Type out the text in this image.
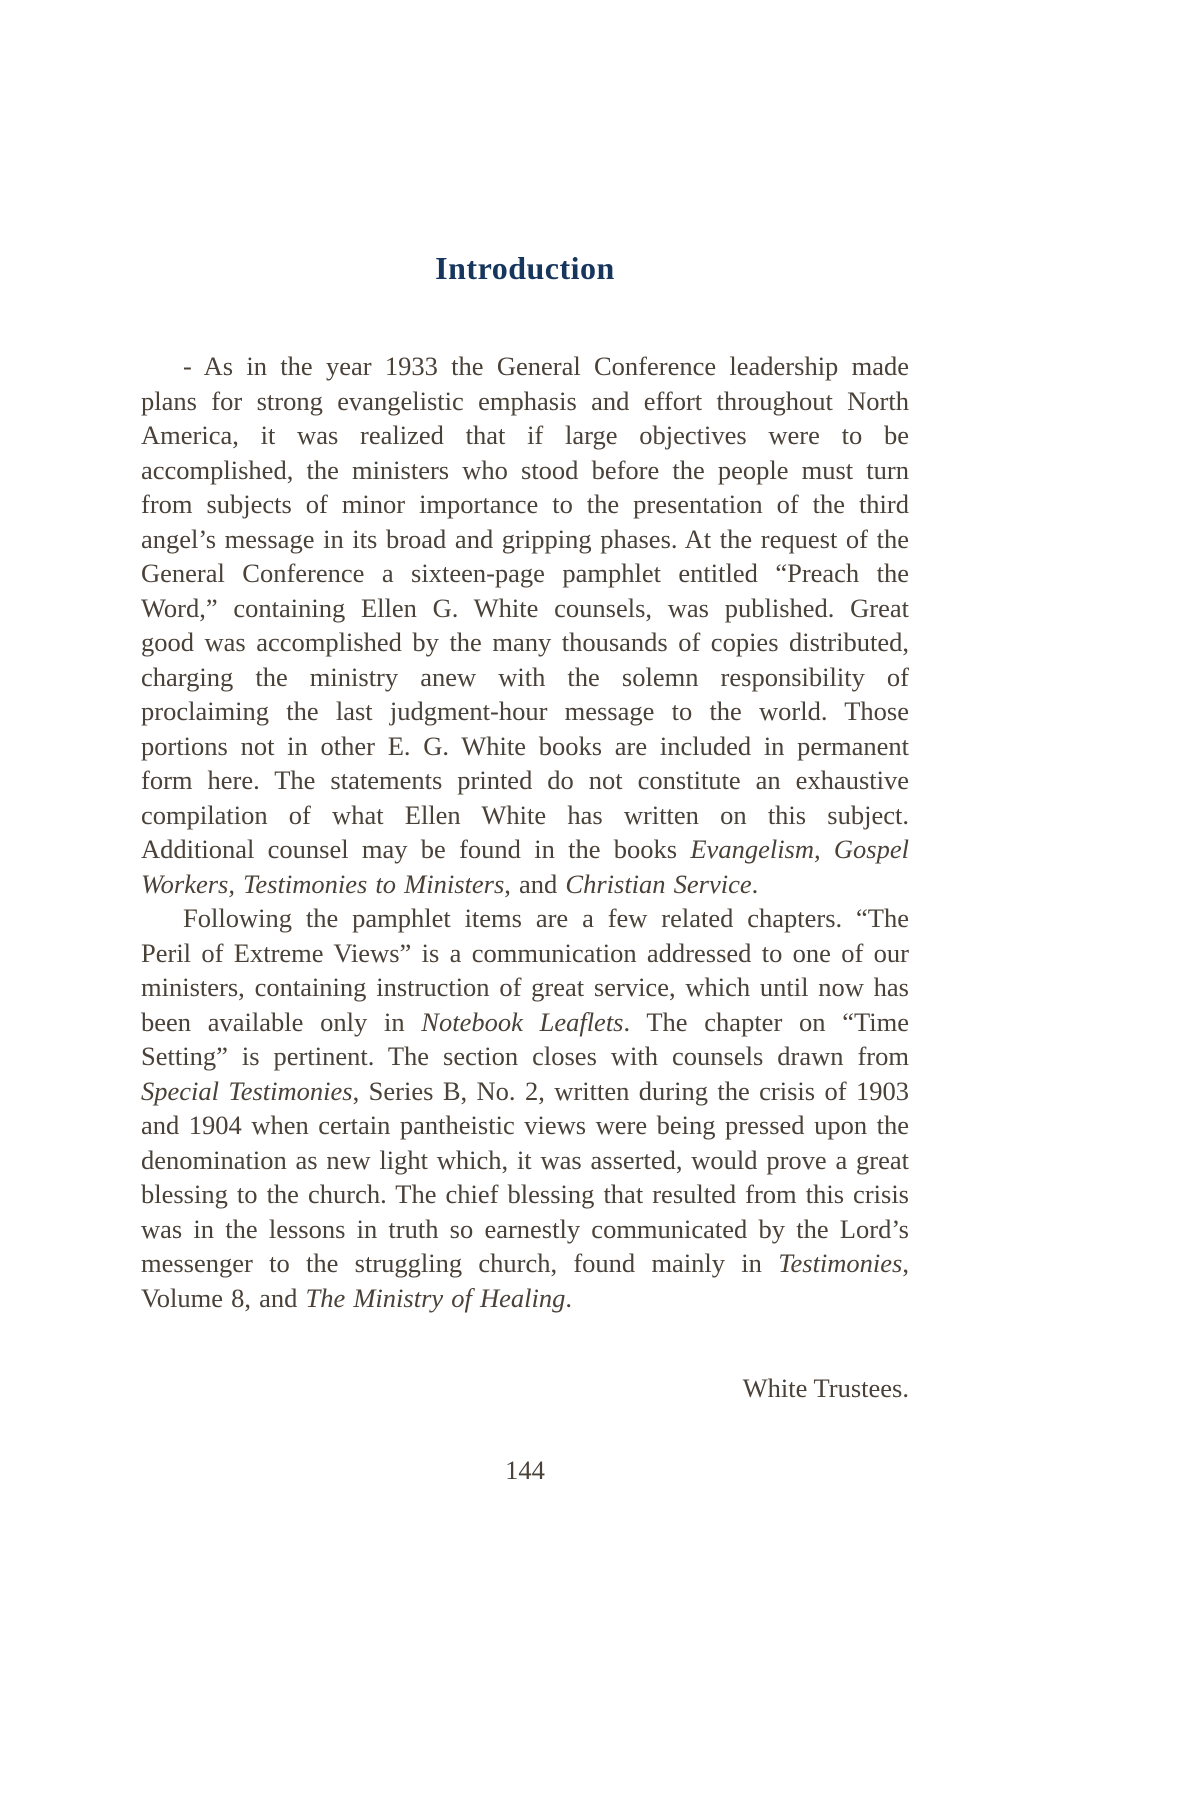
Introduction

- As in the year 1933 the General Conference leadership made plans for strong evangelistic emphasis and effort throughout North America, it was realized that if large objectives were to be accomplished, the ministers who stood before the people must turn from subjects of minor importance to the presentation of the third angel’s message in its broad and gripping phases. At the request of the General Conference a sixteen-page pamphlet entitled “Preach the Word,” containing Ellen G. White counsels, was published. Great good was accomplished by the many thousands of copies distributed, charging the ministry anew with the solemn responsibility of proclaiming the last judgment-hour message to the world. Those portions not in other E. G. White books are included in permanent form here. The statements printed do not constitute an exhaustive compilation of what Ellen White has written on this subject. Additional counsel may be found in the books Evangelism, Gospel Workers, Testimonies to Ministers, and Christian Service.

Following the pamphlet items are a few related chapters. “The Peril of Extreme Views” is a communication addressed to one of our ministers, containing instruction of great service, which until now has been available only in Notebook Leaflets. The chapter on “Time Setting” is pertinent. The section closes with counsels drawn from Special Testimonies, Series B, No. 2, written during the crisis of 1903 and 1904 when certain pantheistic views were being pressed upon the denomination as new light which, it was asserted, would prove a great blessing to the church. The chief blessing that resulted from this crisis was in the lessons in truth so earnestly communicated by the Lord’s messenger to the struggling church, found mainly in Testimonies, Volume 8, and The Ministry of Healing.

White Trustees.
144
